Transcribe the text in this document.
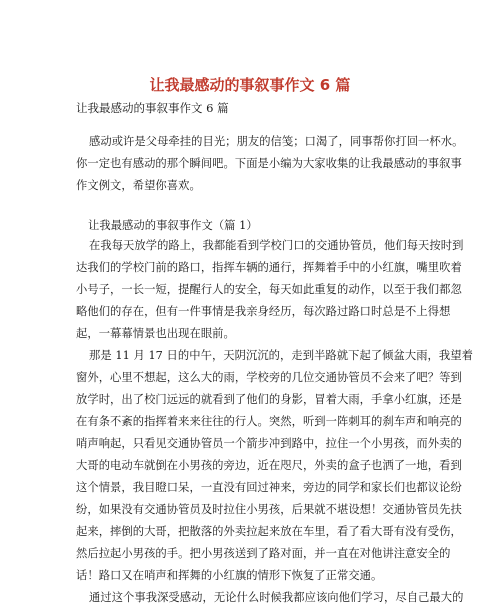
让我最感动的事叙事作文 6 篇

让我最感动的事叙事作文 6 篇

感动或许是父母牵挂的目光；朋友的信笺；口渴了，同事帮你打回一杯水。
你一定也有感动的那个瞬间吧。下面是小编为大家收集的让我最感动的事叙事
作文例文，希望你喜欢。
让我最感动的事叙事作文（篇 1）
在我每天放学的路上，我都能看到学校门口的交通协管员，他们每天按时到
达我们的学校门前的路口，指挥车辆的通行，挥舞着手中的小红旗，嘴里吹着
小号子，一长一短，提醒行人的安全，每天如此重复的动作，以至于我们都忽
略他们的存在，但有一件事情是我亲身经历，每次路过路口时总是不上得想
起，一幕幕情景也出现在眼前。
那是 11 月 17 日的中午，天阴沉沉的，走到半路就下起了倾盆大雨，我望着
窗外，心里不想起，这么大的雨，学校旁的几位交通协管员不会来了吧？等到
放学时，出了校门远远的就看到了他们的身影，冒着大雨，手拿小红旗，还是
在有条不紊的指挥着来来往往的行人。突然，听到一阵刺耳的刹车声和响亮的
哨声响起，只看见交通协管员一个箭步冲到路中，拉住一个小男孩，而外卖的
大哥的电动车就倒在小男孩的旁边，近在咫尺，外卖的盒子也洒了一地，看到
这个情景，我目瞪口呆，一直没有回过神来，旁边的同学和家长们也都议论纷
纷，如果没有交通协管员及时拉住小男孩，后果就不堪设想！交通协管员先扶
起来，摔倒的大哥，把散落的外卖拉起来放在车里，看了看大哥有没有受伤，
然后拉起小男孩的手。把小男孩送到了路对面，并一直在对他讲注意安全的
话！路口又在哨声和挥舞的小红旗的情形下恢复了正常交通。
通过这个事我深受感动，无论什么时候我都应该向他们学习，尽自己最大的
